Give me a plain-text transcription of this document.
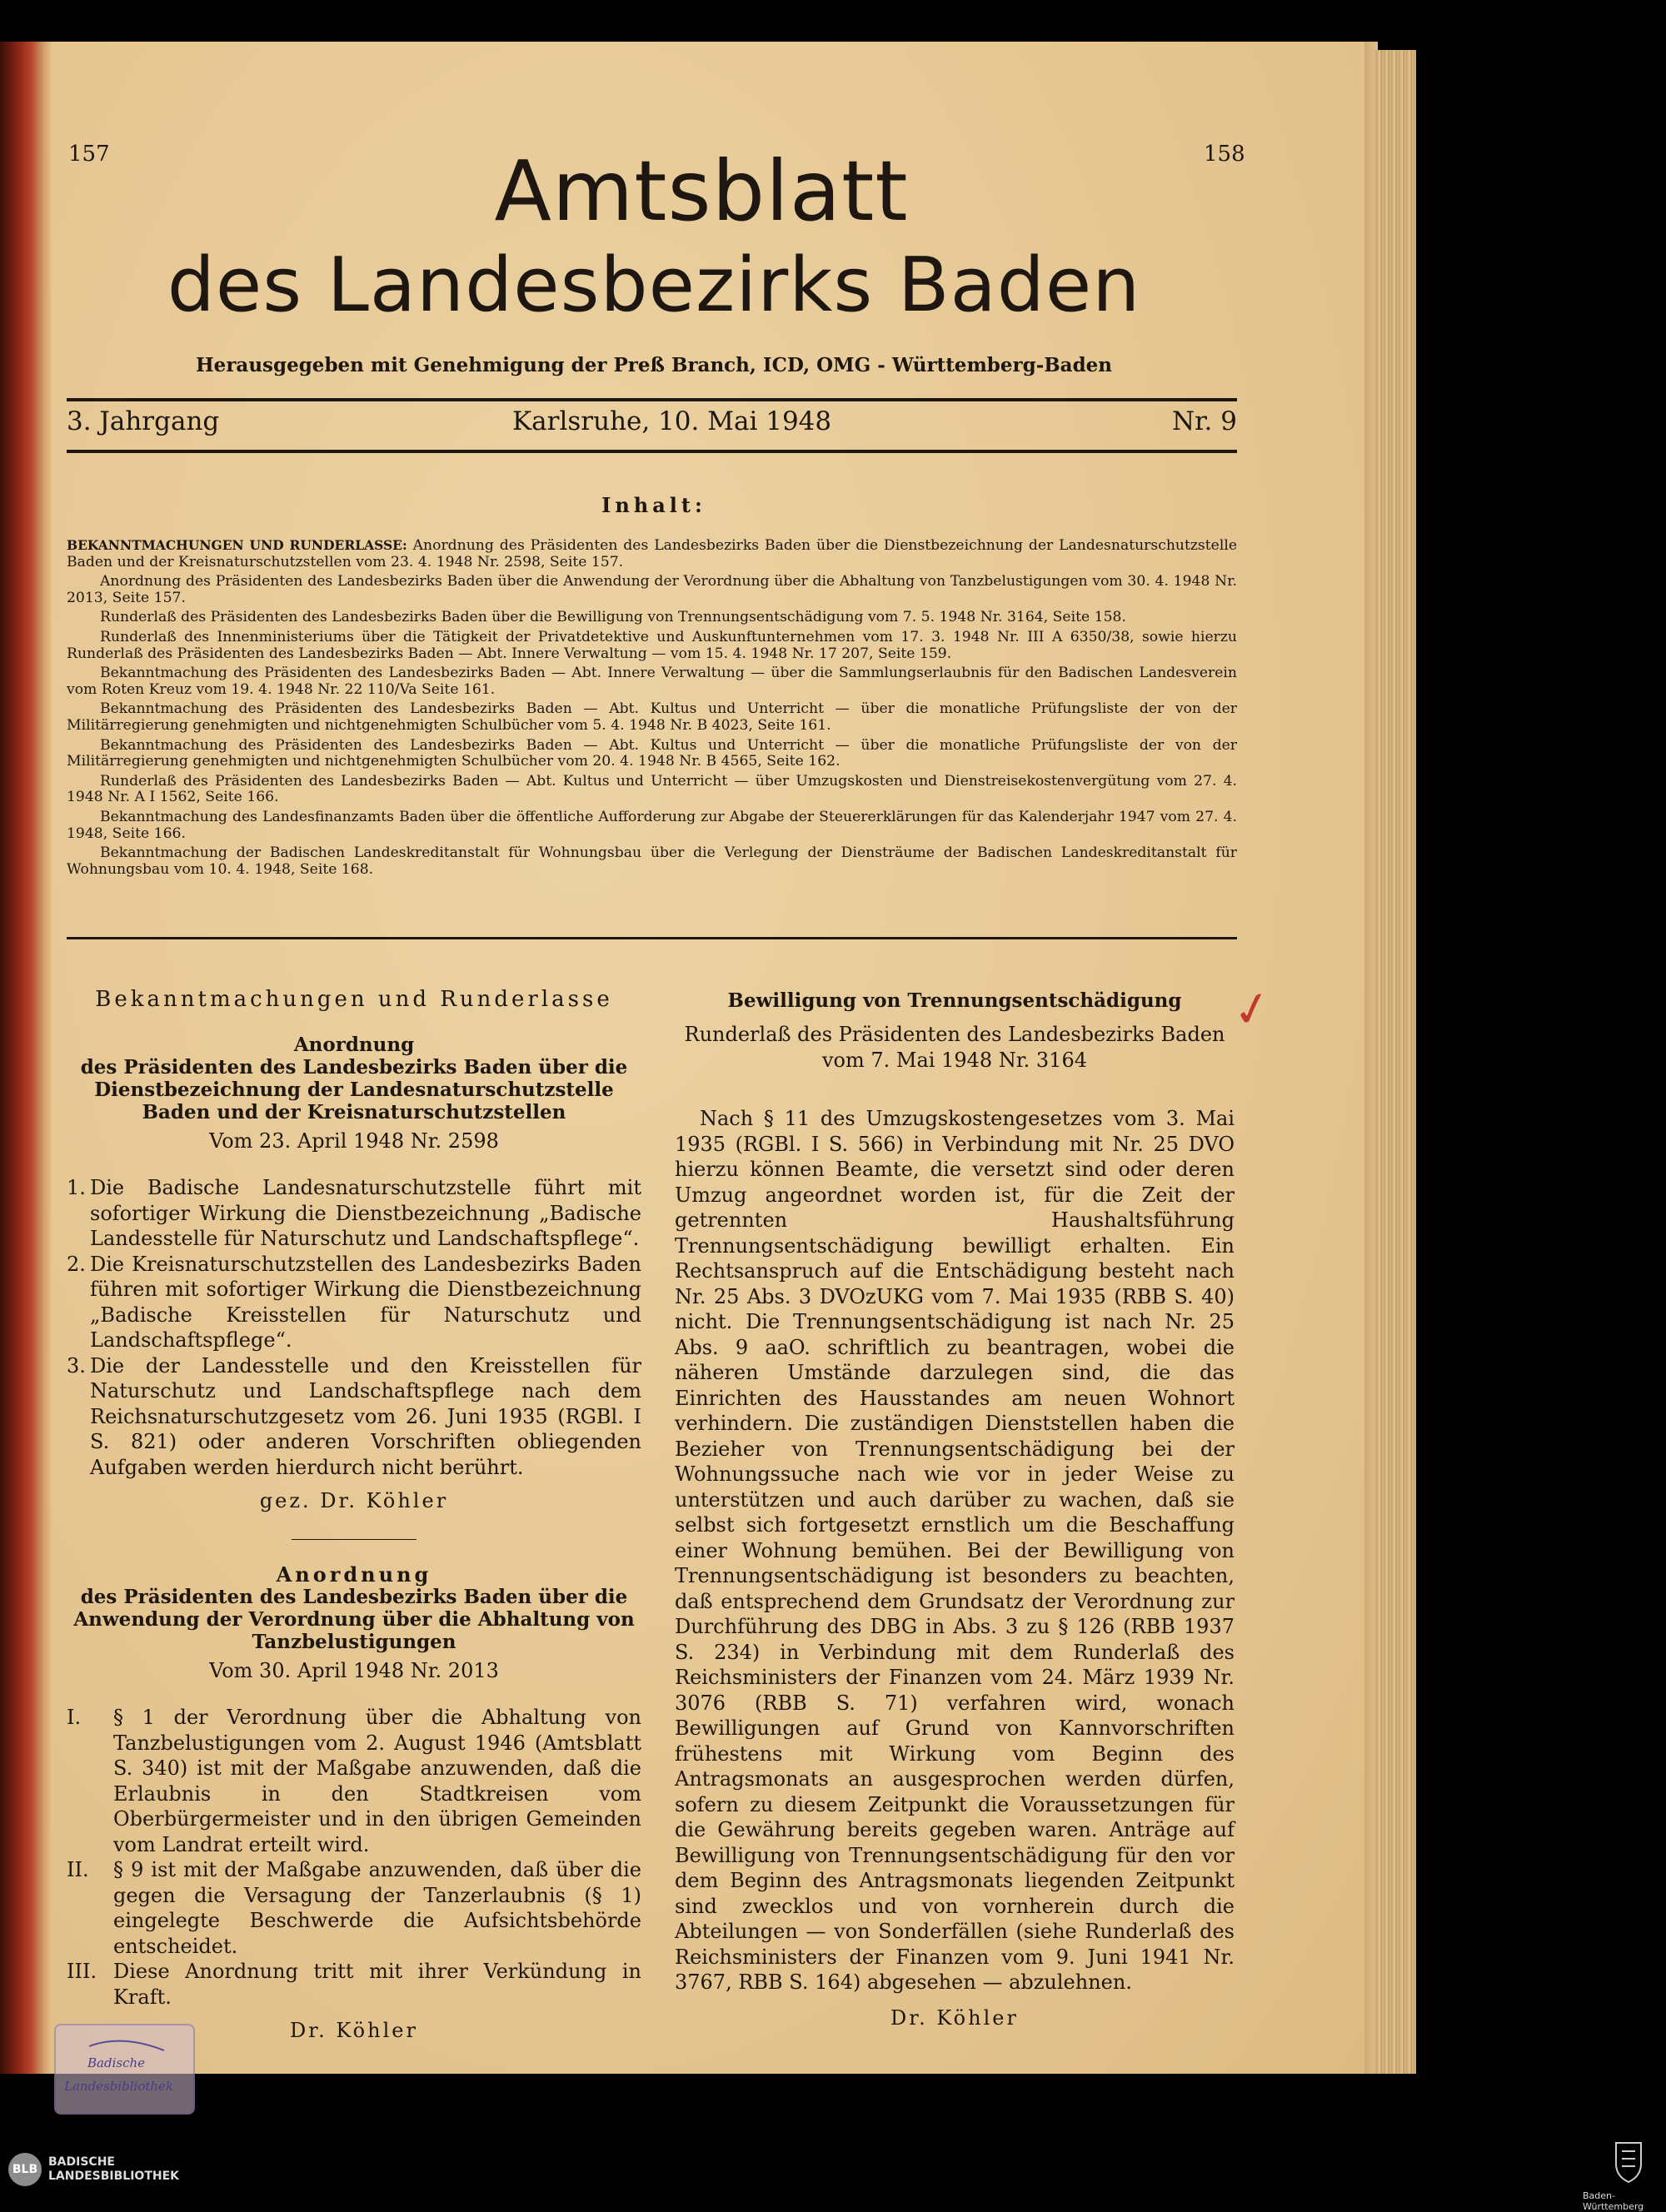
157	158
Amtsblatt
des Landesbezirks Baden
Herausgegeben mit Genehmigung der Preß Branch, ICD, OMG - Württemberg-Baden
3. Jahrgang	Karlsruhe, 10. Mai 1948	Nr. 9
Inhalt:

BEKANNTMACHUNGEN UND RUNDERLASSE: Anordnung des Präsidenten des Landesbezirks Baden über die Dienstbezeichnung der Landesnaturschutzstelle Baden und der Kreisnaturschutzstellen vom 23. 4. 1948 Nr. 2598, Seite 157.

Anordnung des Präsidenten des Landesbezirks Baden über die Anwendung der Verordnung über die Abhaltung von Tanzbelustigungen vom 30. 4. 1948 Nr. 2013, Seite 157.

Runderlaß des Präsidenten des Landesbezirks Baden über die Bewilligung von Trennungsentschädigung vom 7. 5. 1948 Nr. 3164, Seite 158.

Runderlaß des Innenministeriums über die Tätigkeit der Privatdetektive und Auskunftunternehmen vom 17. 3. 1948 Nr. III A 6350/38, sowie hierzu Runderlaß des Präsidenten des Landesbezirks Baden — Abt. Innere Verwaltung — vom 15. 4. 1948 Nr. 17 207, Seite 159.

Bekanntmachung des Präsidenten des Landesbezirks Baden — Abt. Innere Verwaltung — über die Sammlungserlaubnis für den Badischen Landesverein vom Roten Kreuz vom 19. 4. 1948 Nr. 22 110/Va Seite 161.

Bekanntmachung des Präsidenten des Landesbezirks Baden — Abt. Kultus und Unterricht — über die monatliche Prüfungsliste der von der Militärregierung genehmigten und nichtgenehmigten Schulbücher vom 5. 4. 1948 Nr. B 4023, Seite 161.

Bekanntmachung des Präsidenten des Landesbezirks Baden — Abt. Kultus und Unterricht — über die monatliche Prüfungsliste der von der Militärregierung genehmigten und nichtgenehmigten Schulbücher vom 20. 4. 1948 Nr. B 4565, Seite 162.

Runderlaß des Präsidenten des Landesbezirks Baden — Abt. Kultus und Unterricht — über Umzugskosten und Dienstreisekostenvergütung vom 27. 4. 1948 Nr. A I 1562, Seite 166.

Bekanntmachung des Landesfinanzamts Baden über die öffentliche Aufforderung zur Abgabe der Steuererklärungen für das Kalenderjahr 1947 vom 27. 4. 1948, Seite 166.

Bekanntmachung der Badischen Landeskreditanstalt für Wohnungsbau über die Verlegung der Diensträume der Badischen Landeskreditanstalt für Wohnungsbau vom 10. 4. 1948, Seite 168.

Bekanntmachungen und Runderlasse

Anordnung

des Präsidenten des Landesbezirks Baden über die Dienstbezeichnung der Landesnaturschutzstelle Baden und der Kreisnaturschutzstellen

Vom 23. April 1948 Nr. 2598

1. Die Badische Landesnaturschutzstelle führt mit sofortiger Wirkung die Dienstbezeichnung „Badische Landesstelle für Naturschutz und Landschaftspflege“.
2. Die Kreisnaturschutzstellen des Landesbezirks Baden führen mit sofortiger Wirkung die Dienstbezeichnung „Badische Kreisstellen für Naturschutz und Landschaftspflege“.
3. Die der Landesstelle und den Kreisstellen für Naturschutz und Landschaftspflege nach dem Reichsnaturschutzgesetz vom 26. Juni 1935 (RGBl. I S. 821) oder anderen Vorschriften obliegenden Aufgaben werden hierdurch nicht berührt.

gez. Dr. Köhler

Anordnung

des Präsidenten des Landesbezirks Baden über die Anwendung der Verordnung über die Abhaltung von Tanzbelustigungen

Vom 30. April 1948 Nr. 2013

I. § 1 der Verordnung über die Abhaltung von Tanzbelustigungen vom 2. August 1946 (Amtsblatt S. 340) ist mit der Maßgabe anzuwenden, daß die Erlaubnis in den Stadtkreisen vom Oberbürgermeister und in den übrigen Gemeinden vom Landrat erteilt wird.
II. § 9 ist mit der Maßgabe anzuwenden, daß über die gegen die Versagung der Tanzerlaubnis (§ 1) eingelegte Beschwerde die Aufsichtsbehörde entscheidet.
III. Diese Anordnung tritt mit ihrer Verkündung in Kraft.

Dr. Köhler

Bewilligung von Trennungsentschädigung

Runderlaß des Präsidenten des Landesbezirks Baden vom 7. Mai 1948 Nr. 3164

Nach § 11 des Umzugskostengesetzes vom 3. Mai 1935 (RGBl. I S. 566) in Verbindung mit Nr. 25 DVO hierzu können Beamte, die versetzt sind oder deren Umzug angeordnet worden ist, für die Zeit der getrennten Haushaltsführung Trennungsentschädigung bewilligt erhalten. Ein Rechtsanspruch auf die Entschädigung besteht nach Nr. 25 Abs. 3 DVOzUKG vom 7. Mai 1935 (RBB S. 40) nicht. Die Trennungsentschädigung ist nach Nr. 25 Abs. 9 aaO. schriftlich zu beantragen, wobei die näheren Umstände darzulegen sind, die das Einrichten des Hausstandes am neuen Wohnort verhindern. Die zuständigen Dienststellen haben die Bezieher von Trennungsentschädigung bei der Wohnungssuche nach wie vor in jeder Weise zu unterstützen und auch darüber zu wachen, daß sie selbst sich fortgesetzt ernstlich um die Beschaffung einer Wohnung bemühen. Bei der Bewilligung von Trennungsentschädigung ist besonders zu beachten, daß entsprechend dem Grundsatz der Verordnung zur Durchführung des DBG in Abs. 3 zu § 126 (RBB 1937 S. 234) in Verbindung mit dem Runderlaß des Reichsministers der Finanzen vom 24. März 1939 Nr. 3076 (RBB S. 71) verfahren wird, wonach Bewilligungen auf Grund von Kannvorschriften frühestens mit Wirkung vom Beginn des Antragsmonats an ausgesprochen werden dürfen, sofern zu diesem Zeitpunkt die Voraussetzungen für die Gewährung bereits gegeben waren. Anträge auf Bewilligung von Trennungsentschädigung für den vor dem Beginn des Antragsmonats liegenden Zeitpunkt sind zwecklos und von vornherein durch die Abteilungen — von Sonderfällen (siehe Runderlaß des Reichsministers der Finanzen vom 9. Juni 1941 Nr. 3767, RBB S. 164) abgesehen — abzulehnen.

Dr. Köhler

✓
Badische
Landesbibliothek
BLB
BADISCHE
LANDESBIBLIOTHEK
Baden-Württemberg
